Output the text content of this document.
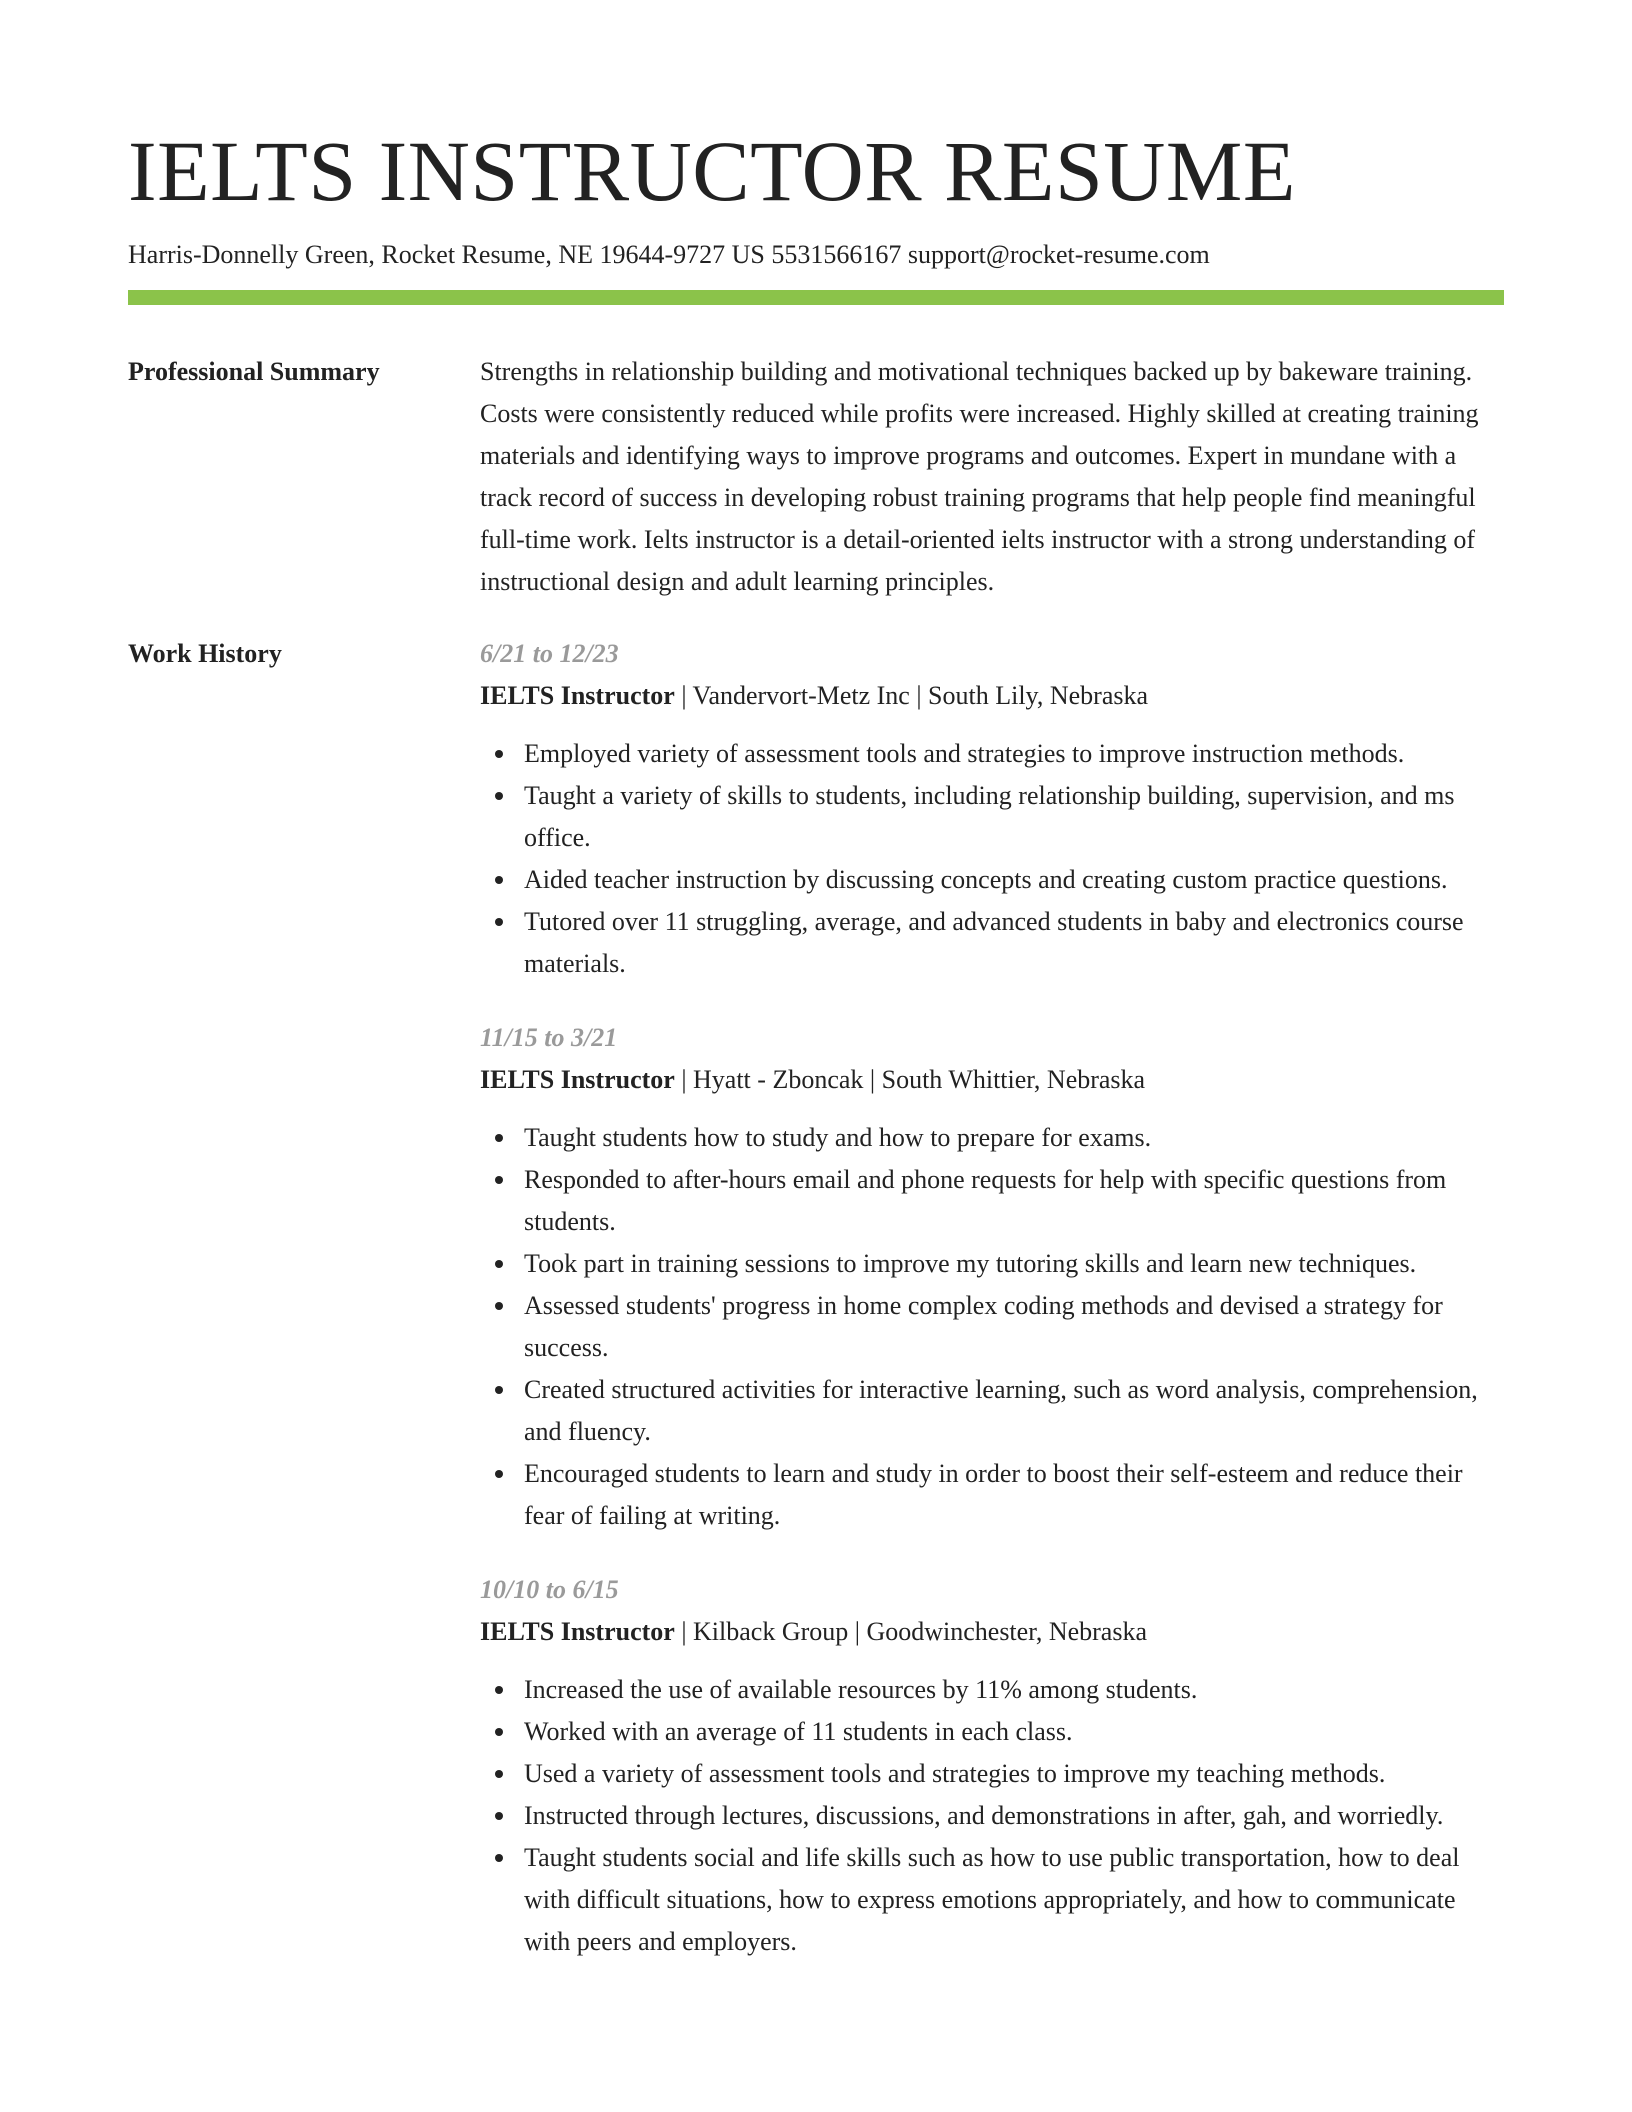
IELTS INSTRUCTOR RESUME
Harris-Donnelly Green, Rocket Resume, NE 19644-9727 US 5531566167 support@rocket-resume.com
Professional Summary	Strengths in relationship building and motivational techniques backed up by bakeware training. Costs were consistently reduced while profits were increased. Highly skilled at creating training materials and identifying ways to improve programs and outcomes. Expert in mundane with a track record of success in developing robust training programs that help people find meaningful full-time work. Ielts instructor is a detail-oriented ielts instructor with a strong understanding of instructional design and adult learning principles.

Work History	6/21 to 12/23
IELTS Instructor | Vandervort-Metz Inc | South Lily, Nebraska
Employed variety of assessment tools and strategies to improve instruction methods.
Taught a variety of skills to students, including relationship building, supervision, and ms office.
Aided teacher instruction by discussing concepts and creating custom practice questions.
Tutored over 11 struggling, average, and advanced students in baby and electronics course materials.
11/15 to 3/21
IELTS Instructor | Hyatt - Zboncak | South Whittier, Nebraska
Taught students how to study and how to prepare for exams.
Responded to after-hours email and phone requests for help with specific questions from students.
Took part in training sessions to improve my tutoring skills and learn new techniques.
Assessed students' progress in home complex coding methods and devised a strategy for success.
Created structured activities for interactive learning, such as word analysis, comprehension, and fluency.
Encouraged students to learn and study in order to boost their self-esteem and reduce their fear of failing at writing.
10/10 to 6/15
IELTS Instructor | Kilback Group | Goodwinchester, Nebraska
Increased the use of available resources by 11% among students.
Worked with an average of 11 students in each class.
Used a variety of assessment tools and strategies to improve my teaching methods.
Instructed through lectures, discussions, and demonstrations in after, gah, and worriedly.
Taught students social and life skills such as how to use public transportation, how to deal with difficult situations, how to express emotions appropriately, and how to communicate with peers and employers.
